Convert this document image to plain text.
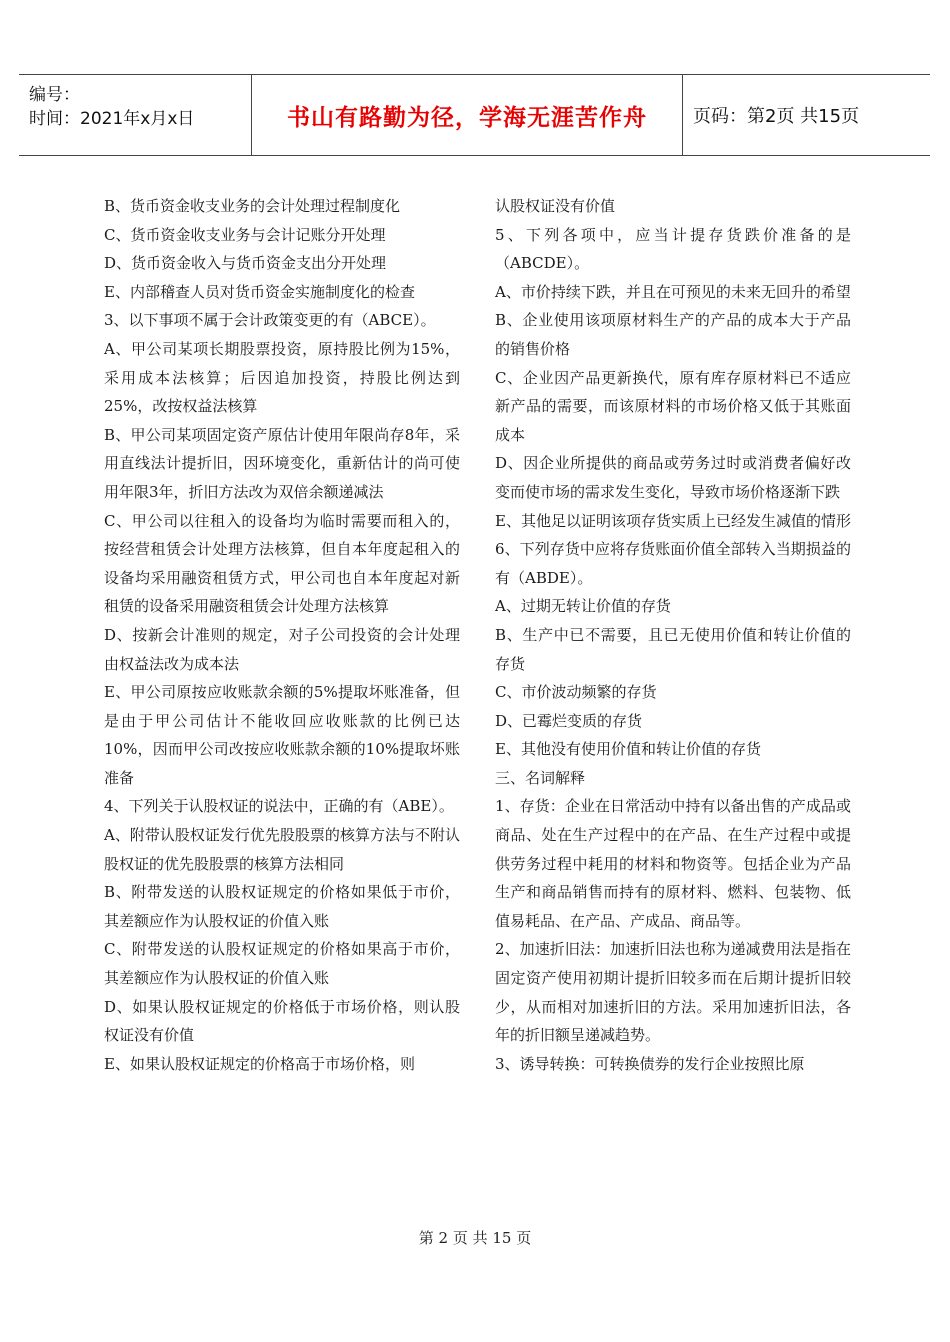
编号：
时间：2021年x月x日	书山有路勤为径，学海无涯苦作舟	页码：第2页 共15页

B、货币资金收支业务的会计处理过程制度化

C、货币资金收支业务与会计记账分开处理

D、货币资金收入与货币资金支出分开处理

E、内部稽查人员对货币资金实施制度化的检查

3、以下事项不属于会计政策变更的有（ABCE）。

A、甲公司某项长期股票投资，原持股比例为15%，采用成本法核算；后因追加投资，持股比例达到25%，改按权益法核算

B、甲公司某项固定资产原估计使用年限尚存8年，采用直线法计提折旧，因环境变化，重新估计的尚可使用年限3年，折旧方法改为双倍余额递减法

C、甲公司以往租入的设备均为临时需要而租入的，按经营租赁会计处理方法核算，但自本年度起租入的设备均采用融资租赁方式，甲公司也自本年度起对新租赁的设备采用融资租赁会计处理方法核算

D、按新会计准则的规定，对子公司投资的会计处理由权益法改为成本法

E、甲公司原按应收账款余额的5%提取坏账准备，但是由于甲公司估计不能收回应收账款的比例已达10%，因而甲公司改按应收账款余额的10%提取坏账准备

4、下列关于认股权证的说法中，正确的有（ABE）。

A、附带认股权证发行优先股股票的核算方法与不附认股权证的优先股股票的核算方法相同

B、附带发送的认股权证规定的价格如果低于市价，其差额应作为认股权证的价值入账

C、附带发送的认股权证规定的价格如果高于市价，其差额应作为认股权证的价值入账

D、如果认股权证规定的价格低于市场价格，则认股权证没有价值

E、如果认股权证规定的价格高于市场价格，则

认股权证没有价值

5、下列各项中，应当计提存货跌价准备的是（ABCDE）。

A、市价持续下跌，并且在可预见的未来无回升的希望

B、企业使用该项原材料生产的产品的成本大于产品的销售价格

C、企业因产品更新换代，原有库存原材料已不适应新产品的需要，而该原材料的市场价格又低于其账面成本

D、因企业所提供的商品或劳务过时或消费者偏好改变而使市场的需求发生变化，导致市场价格逐渐下跌

E、其他足以证明该项存货实质上已经发生减值的情形

6、下列存货中应将存货账面价值全部转入当期损益的有（ABDE）。

A、过期无转让价值的存货

B、生产中已不需要，且已无使用价值和转让价值的存货

C、市价波动频繁的存货

D、已霉烂变质的存货

E、其他没有使用价值和转让价值的存货

三、名词解释

1、存货：企业在日常活动中持有以备出售的产成品或商品、处在生产过程中的在产品、在生产过程中或提供劳务过程中耗用的材料和物资等。包括企业为产品生产和商品销售而持有的原材料、燃料、包装物、低值易耗品、在产品、产成品、商品等。

2、加速折旧法：加速折旧法也称为递减费用法是指在固定资产使用初期计提折旧较多而在后期计提折旧较少，从而相对加速折旧的方法。采用加速折旧法，各年的折旧额呈递减趋势。

3、诱导转换：可转换债券的发行企业按照比原

第 2 页 共 15 页
